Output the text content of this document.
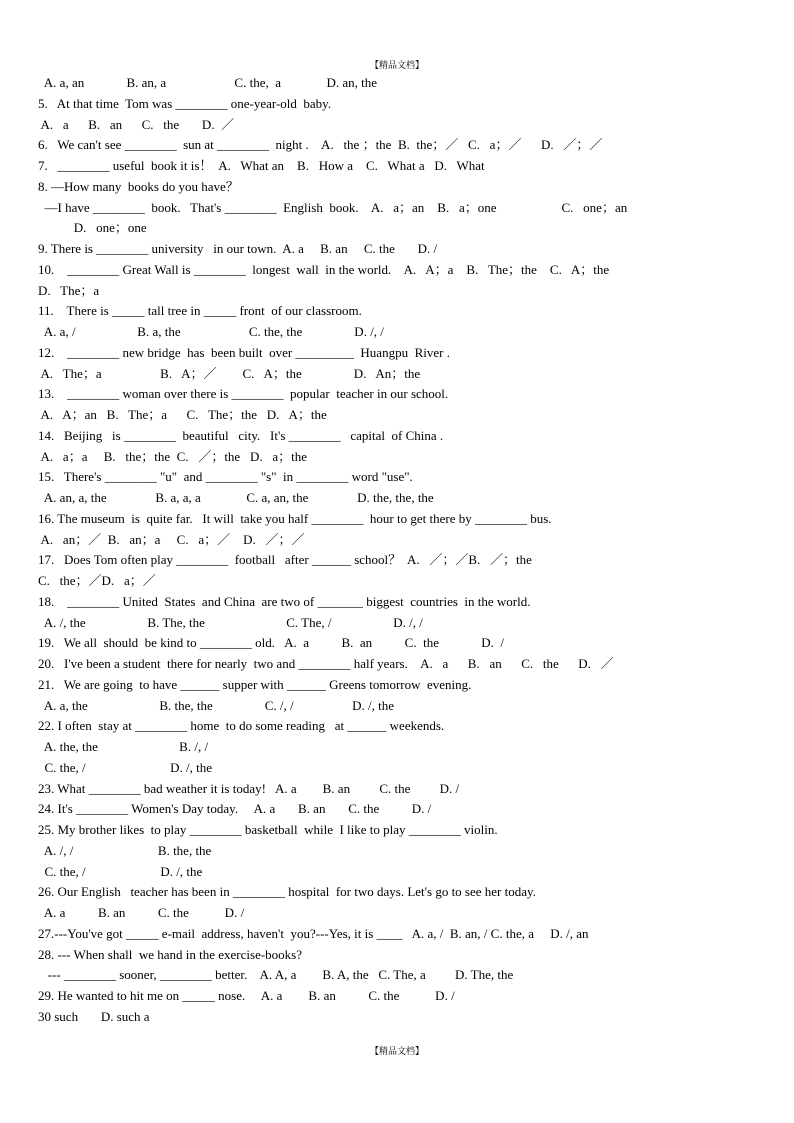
【精品文档】
A. a, an             B. an, a                     C. the,  a              D. an, the
5.   At that time  Tom was ________ one-year-old  baby.
A.   a      B.   an      C.   the       D.  ／
6.   We can't see ________  sun at ________  night .    A.   the ；the  B.  the；／   C.   a；／      D.   ／；／
7.   ________ useful  book it is！  A.   What an    B.   How a    C.   What a   D.   What
8. —How many  books do you have？
—I have ________  book.   That's ________  English  book.    A.   a；an    B.   a；one                    C.   one；an
D.   one；one
9. There is ________ university   in our town.  A. a     B. an     C. the       D. /
10.    ________ Great Wall is ________  longest  wall  in the world.    A.   A；a    B.   The；the    C.   A；the
D.   The；a
11.    There is _____ tall tree in _____ front  of our classroom.
A. a, /                   B. a, the                     C. the, the                D. /, /
12.    ________ new bridge  has  been built  over _________  Huangpu  River .
A.   The；a                  B.   A；／        C.   A；the                D.   An；the
13.    ________ woman over there is ________  popular  teacher in our school.
A.   A；an   B.   The；a      C.   The；the   D.   A；the
14.   Beijing   is ________  beautiful   city.   It's ________   capital  of China .
A.   a；a     B.   the；the  C.   ／；the   D.   a；the
15.   There's ________ "u"  and ________ "s"  in ________ word "use".
A. an, a, the               B. a, a, a              C. a, an, the               D. the, the, the
16. The museum  is  quite far.   It will  take you half ________  hour to get there by ________ bus.
A.   an；／  B.   an；a     C.   a；／    D.   ／；／
17.   Does Tom often play ________  football   after ______ school？  A.   ／；／B.   ／；the
C.   the；／D.   a；／
18.    ________ United  States  and China  are two of _______ biggest  countries  in the world.
A. /, the                   B. The, the                         C. The, /                   D. /, /
19.   We all  should  be kind to ________ old.   A.  a          B.  an          C.  the             D.  /
20.   I've been a student  there for nearly  two and ________ half years.    A.   a      B.   an      C.   the      D.   ／
21.   We are going  to have ______ supper with ______ Greens tomorrow  evening.
A. a, the                      B. the, the                C. /, /                  D. /, the
22. I often  stay at ________ home  to do some reading   at ______ weekends.
A. the, the                         B. /, /
C. the, /                          D. /, the
23. What ________ bad weather it is today!   A. a        B. an         C. the         D. /
24. It's ________ Women's Day today.     A. a       B. an       C. the          D. /
25. My brother likes  to play ________ basketball  while  I like to play ________ violin.
A. /, /                          B. the, the
C. the, /                       D. /, the
26. Our English   teacher has been in ________ hospital  for two days. Let's go to see her today.
A. a          B. an          C. the           D. /
27.---You've got _____ e-mail  address, haven't  you?---Yes, it is ____   A. a, /  B. an, / C. the, a     D. /, an
28. --- When shall  we hand in the exercise-books?
--- ________ sooner, ________ better.    A. A, a        B. A, the   C. The, a         D. The, the
29. He wanted to hit me on _____ nose.     A. a        B. an          C. the           D. /
30 such       D. such a
【精品文档】
